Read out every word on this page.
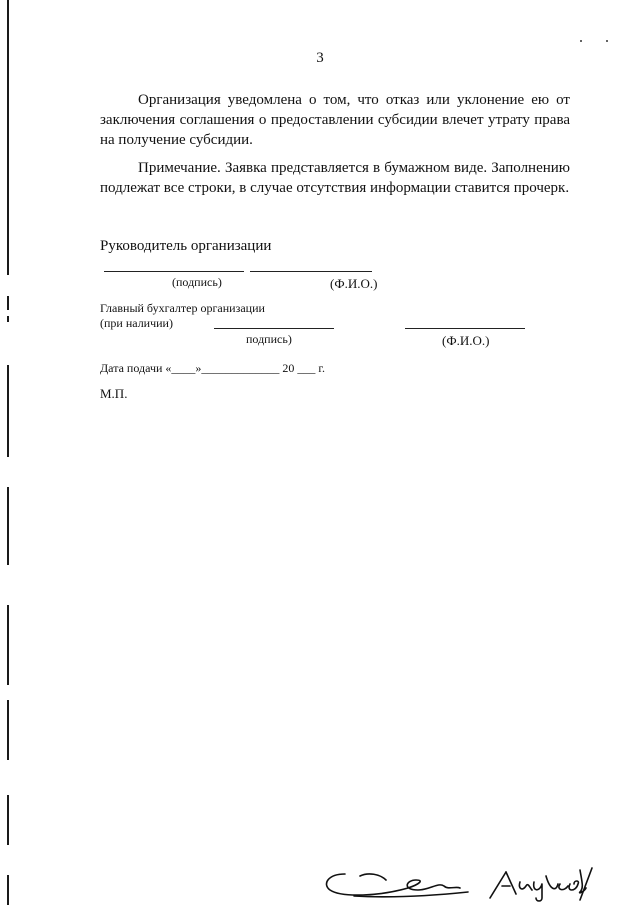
3

Организация уведомлена о том, что отказ или уклонение ею от заключения соглашения о предоставлении субсидии влечет утрату права на получение субсидии.

Примечание. Заявка представляется в бумажном виде. Заполнению подлежат все строки, в случае отсутствия информации ставится прочерк.

Руководитель организации
(подпись)	(Ф.И.О.)
Главный бухгалтер организации
(при наличии)
подпись)	(Ф.И.О.)
Дата подачи «____»_____________ 20 ___ г.
М.П.
